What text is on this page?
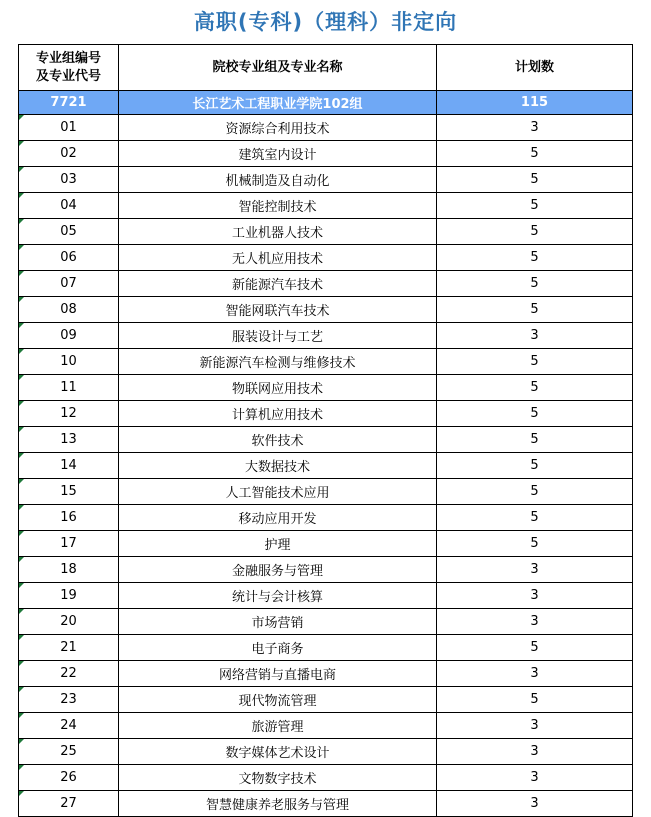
高职(专科)（理科）非定向
专业组编号
及专业代号	院校专业组及专业名称	计划数
7721	长江艺术工程职业学院102组	115

01	资源综合利用技术	3

02	建筑室内设计	5

03	机械制造及自动化	5

04	智能控制技术	5

05	工业机器人技术	5

06	无人机应用技术	5

07	新能源汽车技术	5

08	智能网联汽车技术	5

09	服装设计与工艺	3

10	新能源汽车检测与维修技术	5

11	物联网应用技术	5

12	计算机应用技术	5

13	软件技术	5

14	大数据技术	5

15	人工智能技术应用	5

16	移动应用开发	5

17	护理	5

18	金融服务与管理	3

19	统计与会计核算	3

20	市场营销	3

21	电子商务	5

22	网络营销与直播电商	3

23	现代物流管理	5

24	旅游管理	3

25	数字媒体艺术设计	3

26	文物数字技术	3

27	智慧健康养老服务与管理	3
